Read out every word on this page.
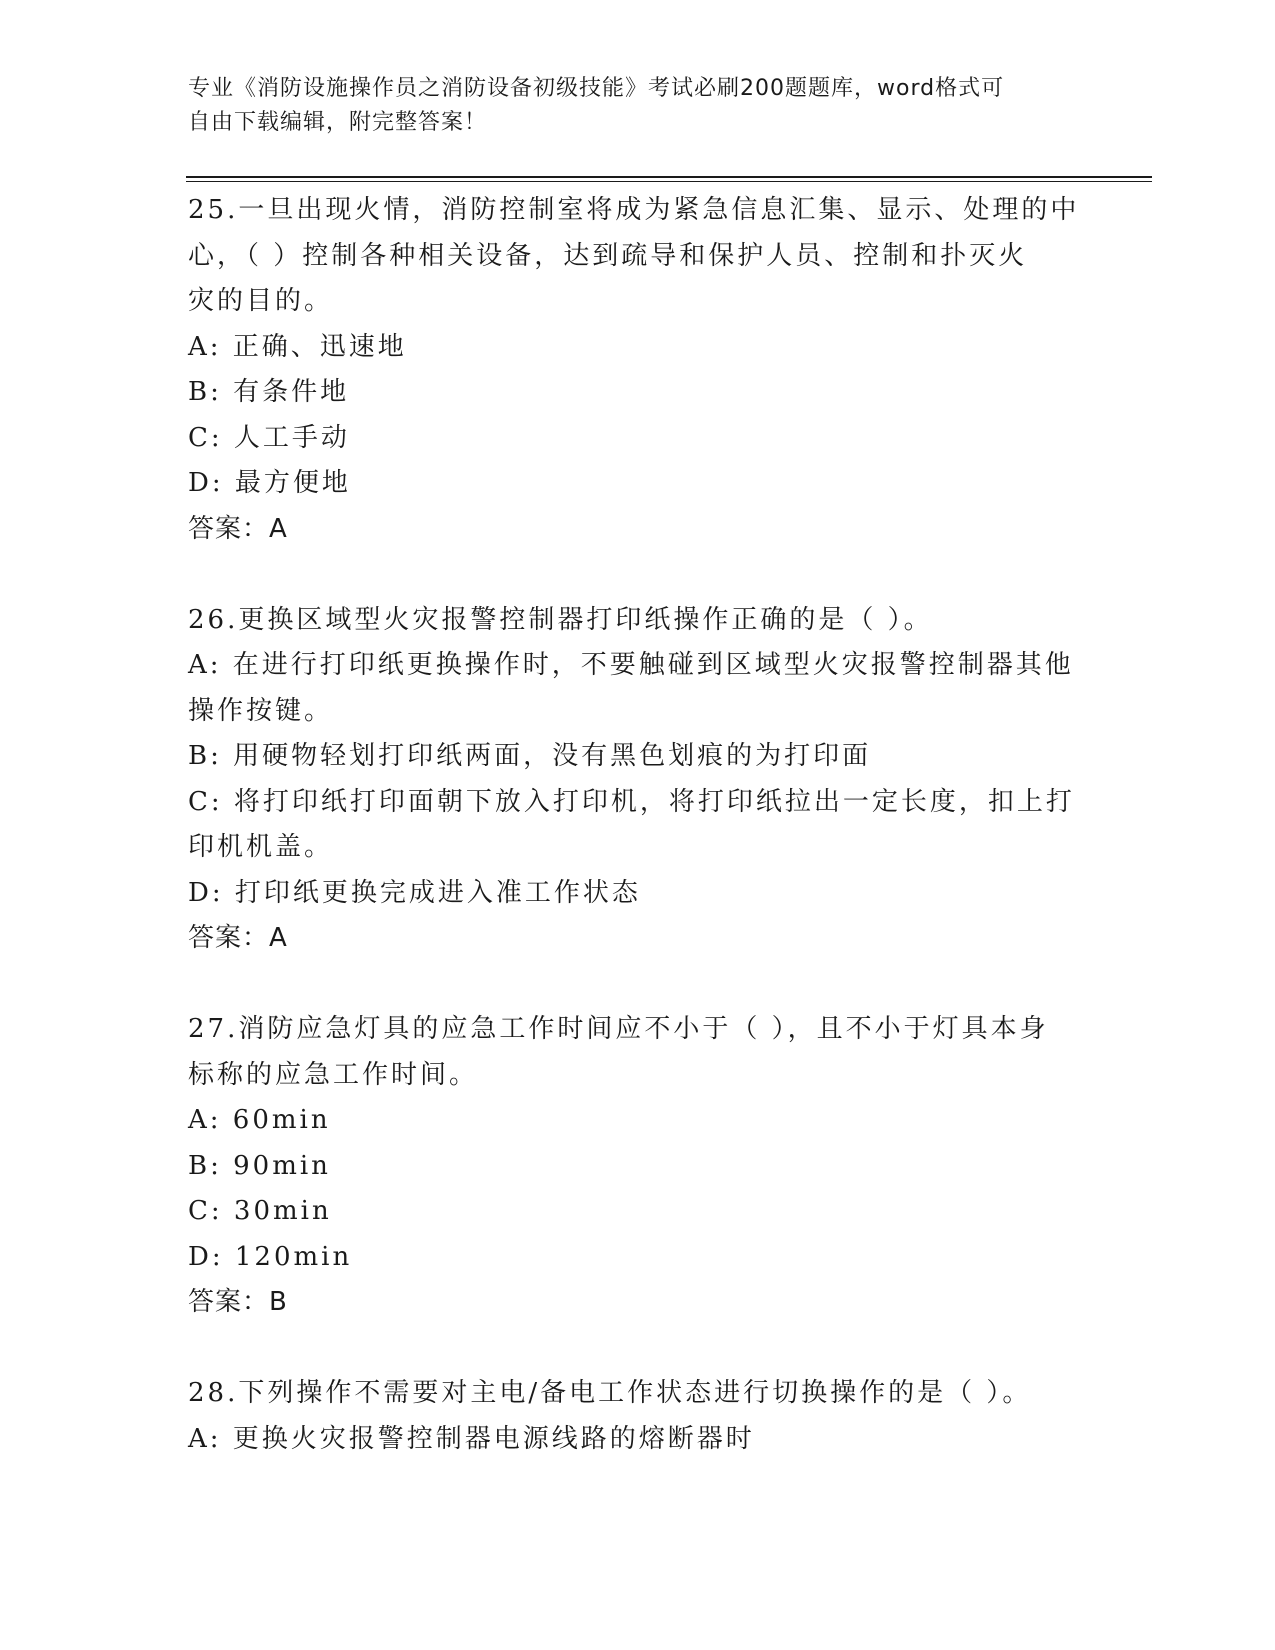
专业《消防设施操作员之消防设备初级技能》考试必刷200题题库，word格式可
自由下载编辑，附完整答案！
25.一旦出现火情，消防控制室将成为紧急信息汇集、显示、处理的中
心，（ ）控制各种相关设备，达到疏导和保护人员、控制和扑灭火
灾的目的。
A: 正确、迅速地
B: 有条件地
C: 人工手动
D: 最方便地
答案：A
26.更换区域型火灾报警控制器打印纸操作正确的是（ ）。
A: 在进行打印纸更换操作时，不要触碰到区域型火灾报警控制器其他
操作按键。
B: 用硬物轻划打印纸两面，没有黑色划痕的为打印面
C: 将打印纸打印面朝下放入打印机，将打印纸拉出一定长度，扣上打
印机机盖。
D: 打印纸更换完成进入准工作状态
答案：A
27.消防应急灯具的应急工作时间应不小于（ ），且不小于灯具本身
标称的应急工作时间。
A: 60min
B: 90min
C: 30min
D: 120min
答案：B
28.下列操作不需要对主电/备电工作状态进行切换操作的是（ ）。
A: 更换火灾报警控制器电源线路的熔断器时
